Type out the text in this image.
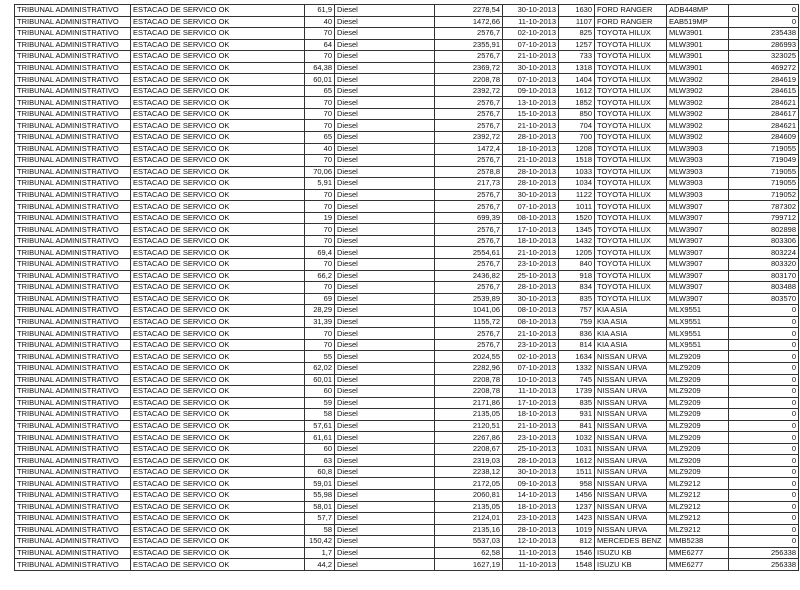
TRIBUNAL ADMINISTRATIVO	ESTACAO DE SERVICO OK	61,9	Diesel	2278,54	30-10-2013	1630	FORD RANGER	ADB448MP	0
TRIBUNAL ADMINISTRATIVO	ESTACAO DE SERVICO OK	40	Diesel	1472,66	11-10-2013	1107	FORD RANGER	EAB519MP	0
TRIBUNAL ADMINISTRATIVO	ESTACAO DE SERVICO OK	70	Diesel	2576,7	02-10-2013	825	TOYOTA HILUX	MLW3901	235438
TRIBUNAL ADMINISTRATIVO	ESTACAO DE SERVICO OK	64	Diesel	2355,91	07-10-2013	1257	TOYOTA HILUX	MLW3901	286993
TRIBUNAL ADMINISTRATIVO	ESTACAO DE SERVICO OK	70	Diesel	2576,7	21-10-2013	733	TOYOTA HILUX	MLW3901	323025
TRIBUNAL ADMINISTRATIVO	ESTACAO DE SERVICO OK	64,38	Diesel	2369,72	30-10-2013	1318	TOYOTA HILUX	MLW3901	469272
TRIBUNAL ADMINISTRATIVO	ESTACAO DE SERVICO OK	60,01	Diesel	2208,78	07-10-2013	1404	TOYOTA HILUX	MLW3902	284619
TRIBUNAL ADMINISTRATIVO	ESTACAO DE SERVICO OK	65	Diesel	2392,72	09-10-2013	1612	TOYOTA HILUX	MLW3902	284615
TRIBUNAL ADMINISTRATIVO	ESTACAO DE SERVICO OK	70	Diesel	2576,7	13-10-2013	1852	TOYOTA HILUX	MLW3902	284621
TRIBUNAL ADMINISTRATIVO	ESTACAO DE SERVICO OK	70	Diesel	2576,7	15-10-2013	850	TOYOTA HILUX	MLW3902	284617
TRIBUNAL ADMINISTRATIVO	ESTACAO DE SERVICO OK	70	Diesel	2576,7	21-10-2013	704	TOYOTA HILUX	MLW3902	284621
TRIBUNAL ADMINISTRATIVO	ESTACAO DE SERVICO OK	65	Diesel	2392,72	28-10-2013	700	TOYOTA HILUX	MLW3902	284609
TRIBUNAL ADMINISTRATIVO	ESTACAO DE SERVICO OK	40	Diesel	1472,4	18-10-2013	1208	TOYOTA HILUX	MLW3903	719055
TRIBUNAL ADMINISTRATIVO	ESTACAO DE SERVICO OK	70	Diesel	2576,7	21-10-2013	1518	TOYOTA HILUX	MLW3903	719049
TRIBUNAL ADMINISTRATIVO	ESTACAO DE SERVICO OK	70,06	Diesel	2578,8	28-10-2013	1033	TOYOTA HILUX	MLW3903	719055
TRIBUNAL ADMINISTRATIVO	ESTACAO DE SERVICO OK	5,91	Diesel	217,73	28-10-2013	1034	TOYOTA HILUX	MLW3903	719055
TRIBUNAL ADMINISTRATIVO	ESTACAO DE SERVICO OK	70	Diesel	2576,7	30-10-2013	1122	TOYOTA HILUX	MLW3903	719052
TRIBUNAL ADMINISTRATIVO	ESTACAO DE SERVICO OK	70	Diesel	2576,7	07-10-2013	1011	TOYOTA HILUX	MLW3907	787302
TRIBUNAL ADMINISTRATIVO	ESTACAO DE SERVICO OK	19	Diesel	699,39	08-10-2013	1520	TOYOTA HILUX	MLW3907	799712
TRIBUNAL ADMINISTRATIVO	ESTACAO DE SERVICO OK	70	Diesel	2576,7	17-10-2013	1345	TOYOTA HILUX	MLW3907	802898
TRIBUNAL ADMINISTRATIVO	ESTACAO DE SERVICO OK	70	Diesel	2576,7	18-10-2013	1432	TOYOTA HILUX	MLW3907	803306
TRIBUNAL ADMINISTRATIVO	ESTACAO DE SERVICO OK	69,4	Diesel	2554,61	21-10-2013	1205	TOYOTA HILUX	MLW3907	803224
TRIBUNAL ADMINISTRATIVO	ESTACAO DE SERVICO OK	70	Diesel	2576,7	23-10-2013	840	TOYOTA HILUX	MLW3907	803320
TRIBUNAL ADMINISTRATIVO	ESTACAO DE SERVICO OK	66,2	Diesel	2436,82	25-10-2013	918	TOYOTA HILUX	MLW3907	803170
TRIBUNAL ADMINISTRATIVO	ESTACAO DE SERVICO OK	70	Diesel	2576,7	28-10-2013	834	TOYOTA HILUX	MLW3907	803488
TRIBUNAL ADMINISTRATIVO	ESTACAO DE SERVICO OK	69	Diesel	2539,89	30-10-2013	835	TOYOTA HILUX	MLW3907	803570
TRIBUNAL ADMINISTRATIVO	ESTACAO DE SERVICO OK	28,29	Diesel	1041,06	08-10-2013	757	KIA ASIA	MLX9551	0
TRIBUNAL ADMINISTRATIVO	ESTACAO DE SERVICO OK	31,39	Diesel	1155,72	08-10-2013	759	KIA ASIA	MLX9551	0
TRIBUNAL ADMINISTRATIVO	ESTACAO DE SERVICO OK	70	Diesel	2576,7	21-10-2013	836	KIA ASIA	MLX9551	0
TRIBUNAL ADMINISTRATIVO	ESTACAO DE SERVICO OK	70	Diesel	2576,7	23-10-2013	814	KIA ASIA	MLX9551	0
TRIBUNAL ADMINISTRATIVO	ESTACAO DE SERVICO OK	55	Diesel	2024,55	02-10-2013	1634	NISSAN URVA	MLZ9209	0
TRIBUNAL ADMINISTRATIVO	ESTACAO DE SERVICO OK	62,02	Diesel	2282,96	07-10-2013	1332	NISSAN URVA	MLZ9209	0
TRIBUNAL ADMINISTRATIVO	ESTACAO DE SERVICO OK	60,01	Diesel	2208,78	10-10-2013	745	NISSAN URVA	MLZ9209	0
TRIBUNAL ADMINISTRATIVO	ESTACAO DE SERVICO OK	60	Diesel	2208,78	11-10-2013	1739	NISSAN URVA	MLZ9209	0
TRIBUNAL ADMINISTRATIVO	ESTACAO DE SERVICO OK	59	Diesel	2171,86	17-10-2013	835	NISSAN URVA	MLZ9209	0
TRIBUNAL ADMINISTRATIVO	ESTACAO DE SERVICO OK	58	Diesel	2135,05	18-10-2013	931	NISSAN URVA	MLZ9209	0
TRIBUNAL ADMINISTRATIVO	ESTACAO DE SERVICO OK	57,61	Diesel	2120,51	21-10-2013	841	NISSAN URVA	MLZ9209	0
TRIBUNAL ADMINISTRATIVO	ESTACAO DE SERVICO OK	61,61	Diesel	2267,86	23-10-2013	1032	NISSAN URVA	MLZ9209	0
TRIBUNAL ADMINISTRATIVO	ESTACAO DE SERVICO OK	60	Diesel	2208,67	25-10-2013	1031	NISSAN URVA	MLZ9209	0
TRIBUNAL ADMINISTRATIVO	ESTACAO DE SERVICO OK	63	Diesel	2319,03	28-10-2013	1612	NISSAN URVA	MLZ9209	0
TRIBUNAL ADMINISTRATIVO	ESTACAO DE SERVICO OK	60,8	Diesel	2238,12	30-10-2013	1511	NISSAN URVA	MLZ9209	0
TRIBUNAL ADMINISTRATIVO	ESTACAO DE SERVICO OK	59,01	Diesel	2172,05	09-10-2013	958	NISSAN URVA	MLZ9212	0
TRIBUNAL ADMINISTRATIVO	ESTACAO DE SERVICO OK	55,98	Diesel	2060,81	14-10-2013	1456	NISSAN URVA	MLZ9212	0
TRIBUNAL ADMINISTRATIVO	ESTACAO DE SERVICO OK	58,01	Diesel	2135,05	18-10-2013	1237	NISSAN URVA	MLZ9212	0
TRIBUNAL ADMINISTRATIVO	ESTACAO DE SERVICO OK	57,7	Diesel	2124,01	23-10-2013	1423	NISSAN URVA	MLZ9212	0
TRIBUNAL ADMINISTRATIVO	ESTACAO DE SERVICO OK	58	Diesel	2135,16	28-10-2013	1019	NISSAN URVA	MLZ9212	0
TRIBUNAL ADMINISTRATIVO	ESTACAO DE SERVICO OK	150,42	Diesel	5537,03	12-10-2013	812	MERCEDES BENZ	MMB5238	0
TRIBUNAL ADMINISTRATIVO	ESTACAO DE SERVICO OK	1,7	Diesel	62,58	11-10-2013	1546	ISUZU KB	MME6277	256338
TRIBUNAL ADMINISTRATIVO	ESTACAO DE SERVICO OK	44,2	Diesel	1627,19	11-10-2013	1548	ISUZU KB	MME6277	256338
